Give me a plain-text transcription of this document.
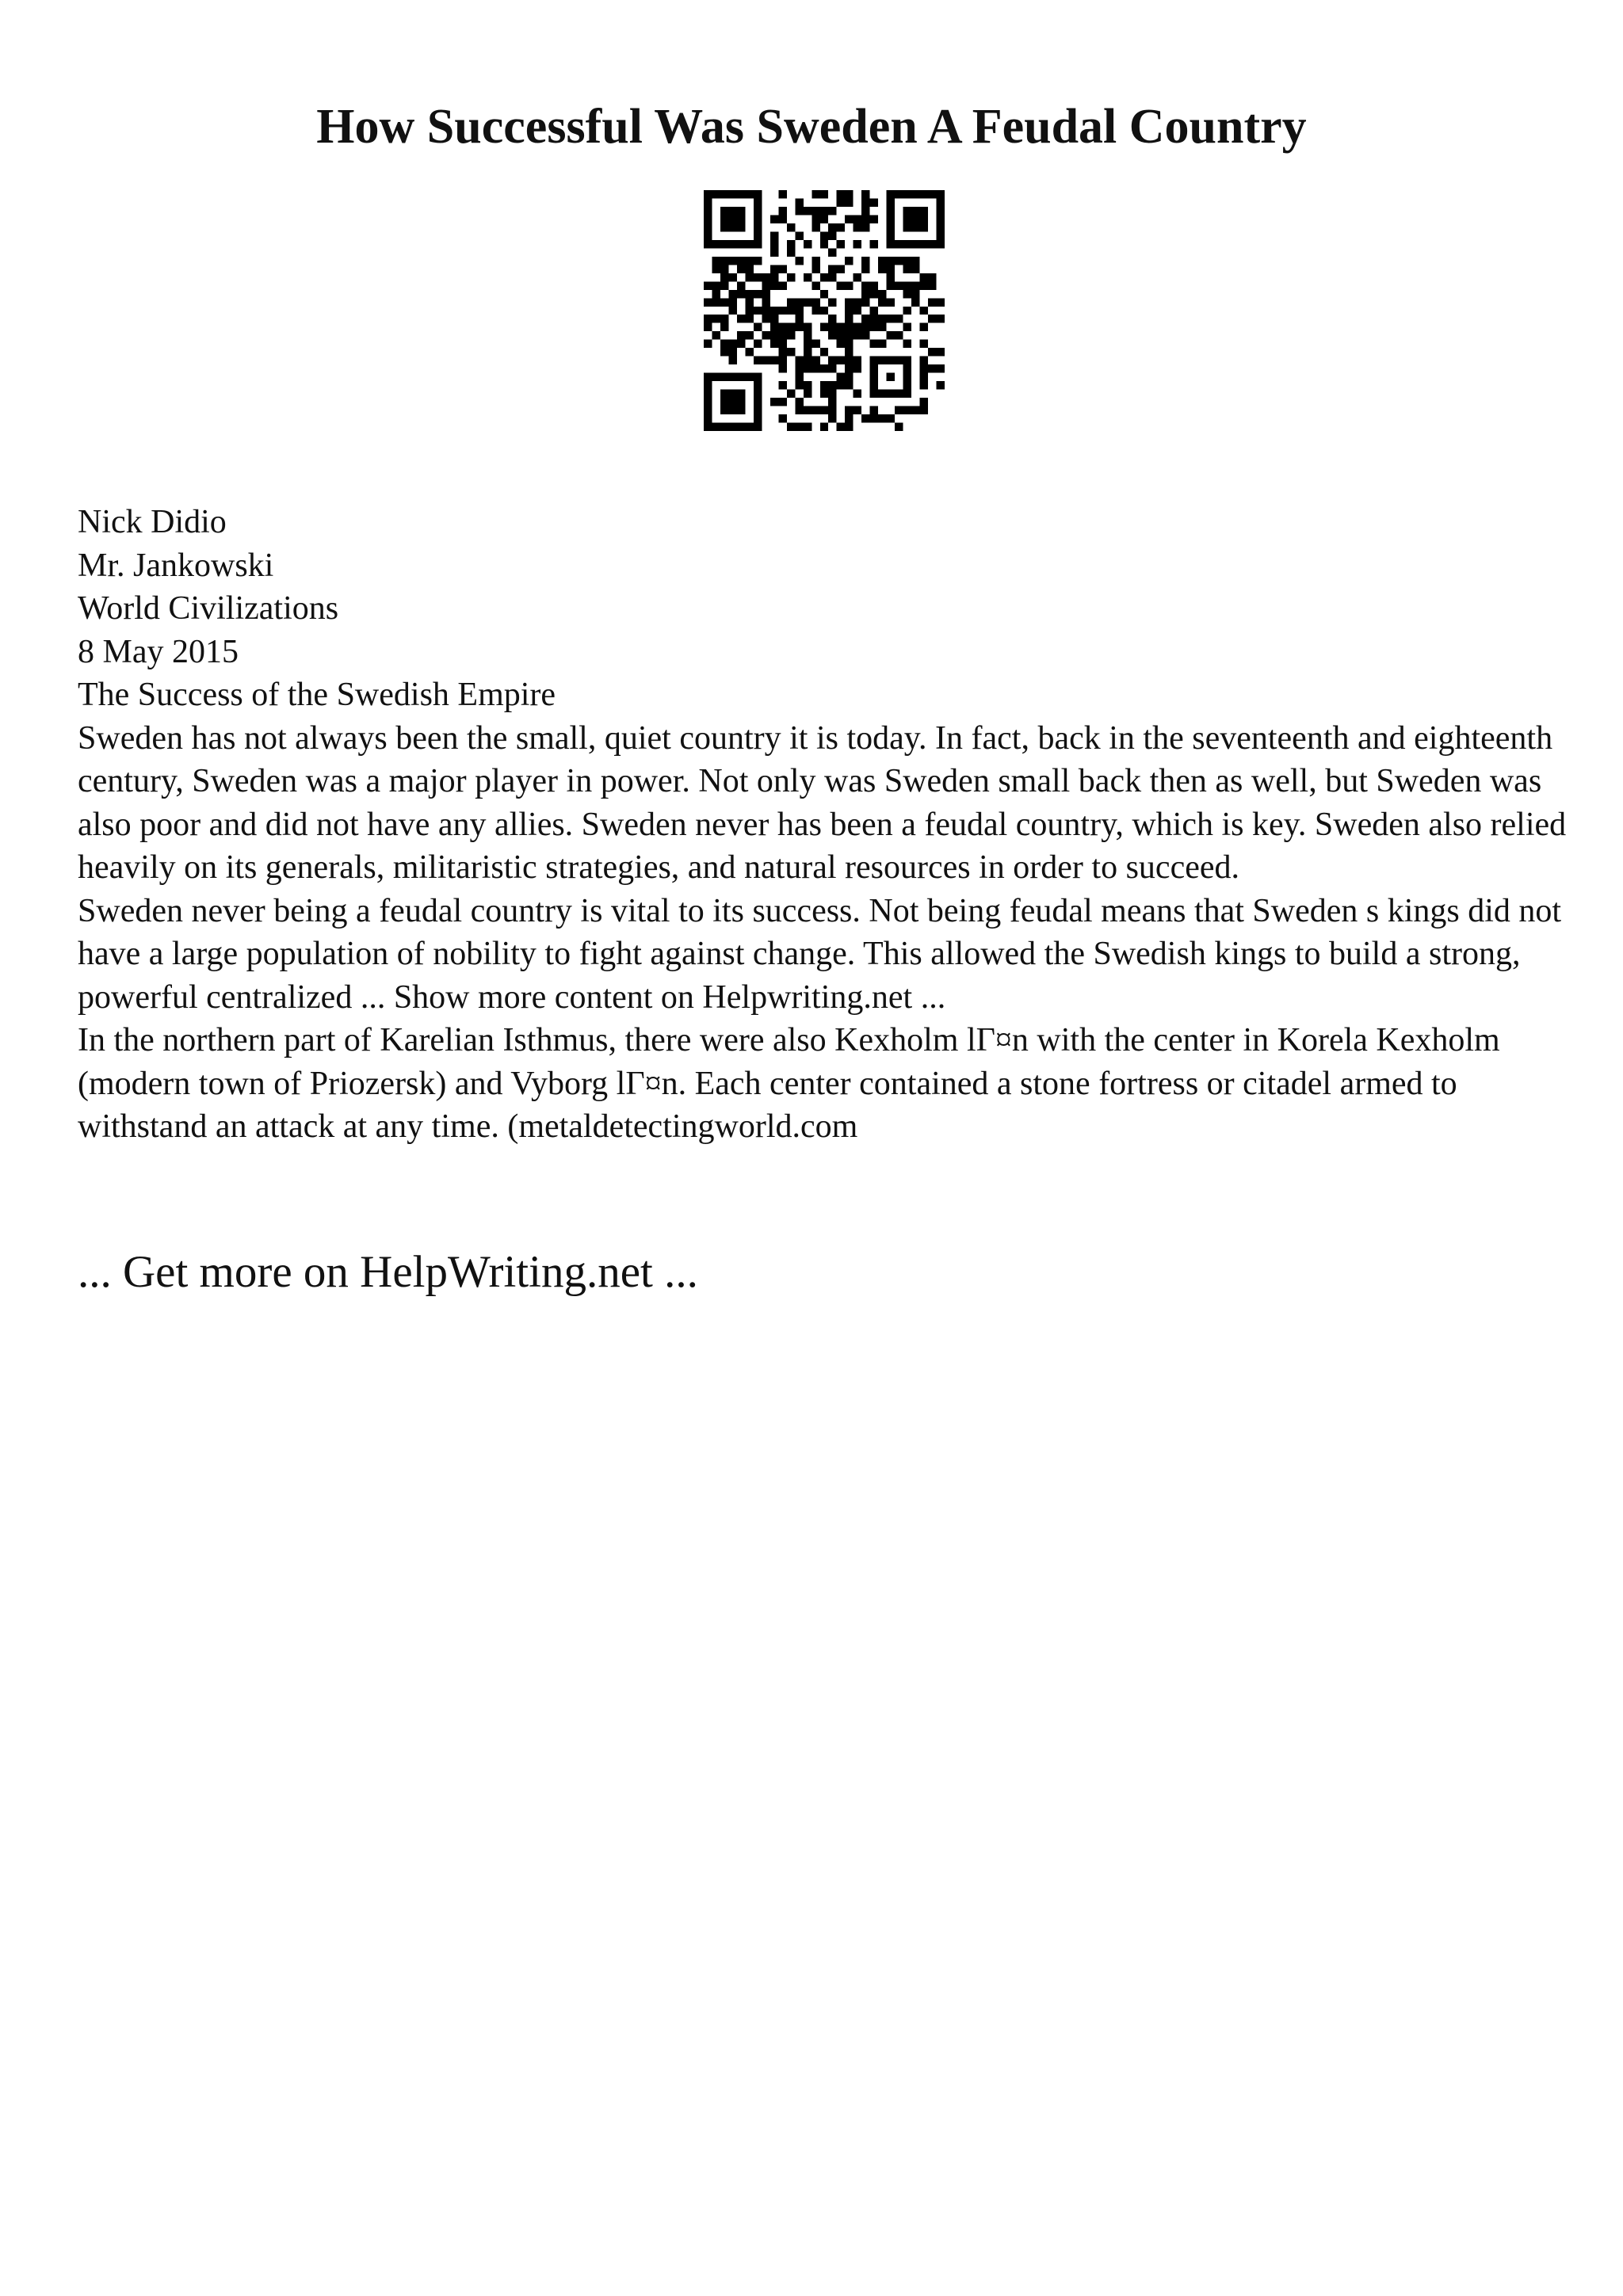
How Successful Was Sweden A Feudal Country

Nick Didio

Mr. Jankowski

World Civilizations

8 May 2015

The Success of the Swedish Empire

Sweden has not always been the small, quiet country it is today. In fact, back in the seventeenth and eighteenth century, Sweden was a major player in power. Not only was Sweden small back then as well, but Sweden was also poor and did not have any allies. Sweden never has been a feudal country, which is key. Sweden also relied heavily on its generals, militaristic strategies, and natural resources in order to succeed.

Sweden never being a feudal country is vital to its success. Not being feudal means that Sweden s kings did not have a large population of nobility to fight against change. This allowed the Swedish kings to build a strong, powerful centralized ... Show more content on Helpwriting.net ...

In the northern part of Karelian Isthmus, there were also Kexholm lГ¤n with the center in Korela Kexholm (modern town of Priozersk) and Vyborg lГ¤n. Each center contained a stone fortress or citadel armed to withstand an attack at any time. (metaldetectingworld.com

... Get more on HelpWriting.net ...
